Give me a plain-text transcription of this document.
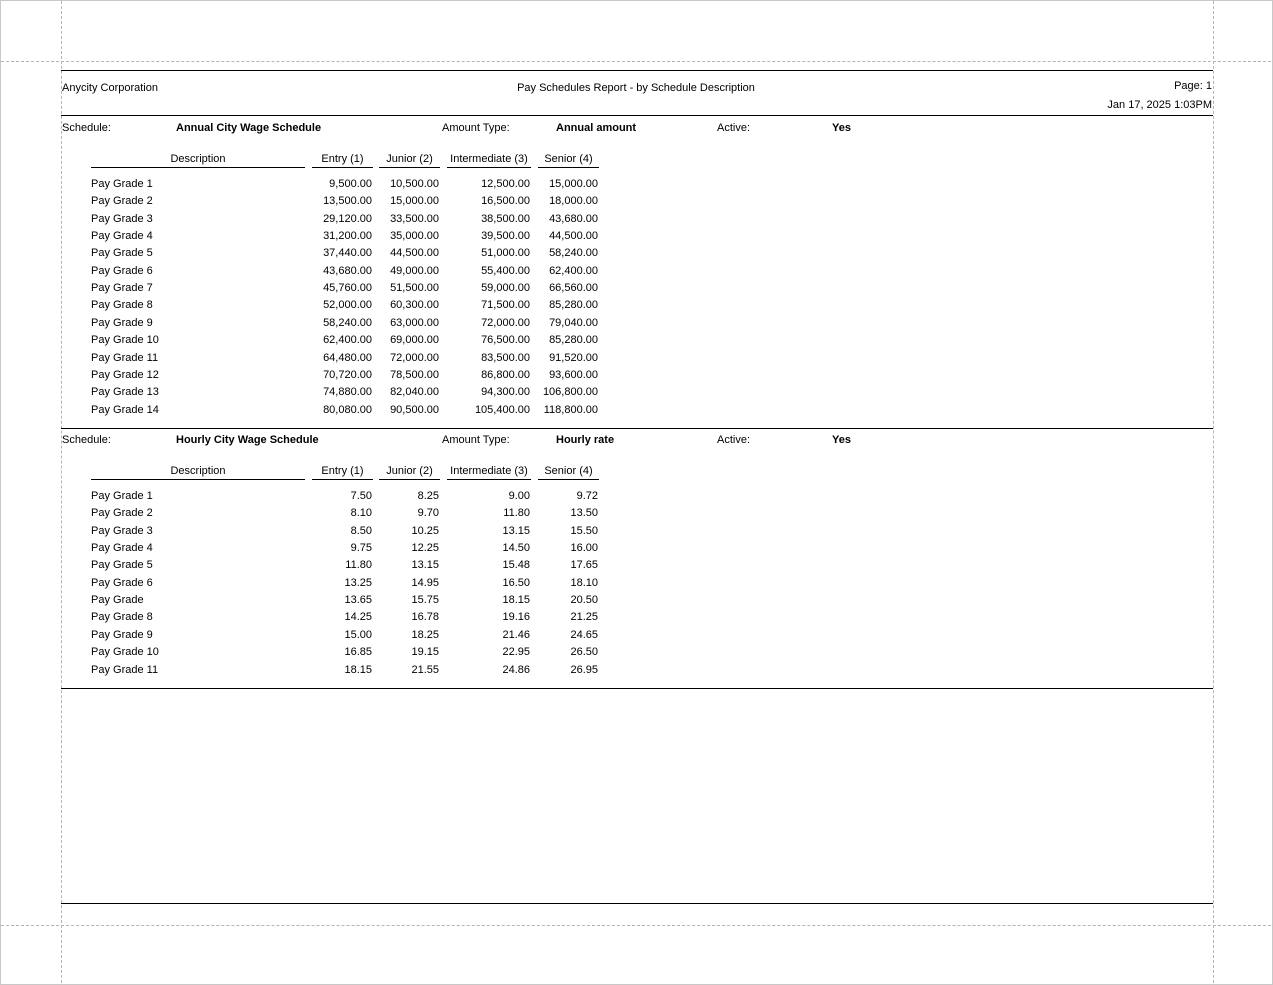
Anycity Corporation	Pay Schedules Report - by Schedule Description	Page: 1
Jan 17, 2025 1:03PM
Schedule:	Annual City Wage Schedule	Amount Type:	Annual amount	Active:	Yes
Description	Entry (1)	Junior (2)	Intermediate (3)	Senior (4)
Pay Grade 1	9,500.00	10,500.00	12,500.00	15,000.00
Pay Grade 2	13,500.00	15,000.00	16,500.00	18,000.00
Pay Grade 3	29,120.00	33,500.00	38,500.00	43,680.00
Pay Grade 4	31,200.00	35,000.00	39,500.00	44,500.00
Pay Grade 5	37,440.00	44,500.00	51,000.00	58,240.00
Pay Grade 6	43,680.00	49,000.00	55,400.00	62,400.00
Pay Grade 7	45,760.00	51,500.00	59,000.00	66,560.00
Pay Grade 8	52,000.00	60,300.00	71,500.00	85,280.00
Pay Grade 9	58,240.00	63,000.00	72,000.00	79,040.00
Pay Grade 10	62,400.00	69,000.00	76,500.00	85,280.00
Pay Grade 11	64,480.00	72,000.00	83,500.00	91,520.00
Pay Grade 12	70,720.00	78,500.00	86,800.00	93,600.00
Pay Grade 13	74,880.00	82,040.00	94,300.00	106,800.00
Pay Grade 14	80,080.00	90,500.00	105,400.00	118,800.00
Schedule:	Hourly City Wage Schedule	Amount Type:	Hourly rate	Active:	Yes
Description	Entry (1)	Junior (2)	Intermediate (3)	Senior (4)
Pay Grade 1	7.50	8.25	9.00	9.72
Pay Grade 2	8.10	9.70	11.80	13.50
Pay Grade 3	8.50	10.25	13.15	15.50
Pay Grade 4	9.75	12.25	14.50	16.00
Pay Grade 5	11.80	13.15	15.48	17.65
Pay Grade 6	13.25	14.95	16.50	18.10
Pay Grade	13.65	15.75	18.15	20.50
Pay Grade 8	14.25	16.78	19.16	21.25
Pay Grade 9	15.00	18.25	21.46	24.65
Pay Grade 10	16.85	19.15	22.95	26.50
Pay Grade 11	18.15	21.55	24.86	26.95
